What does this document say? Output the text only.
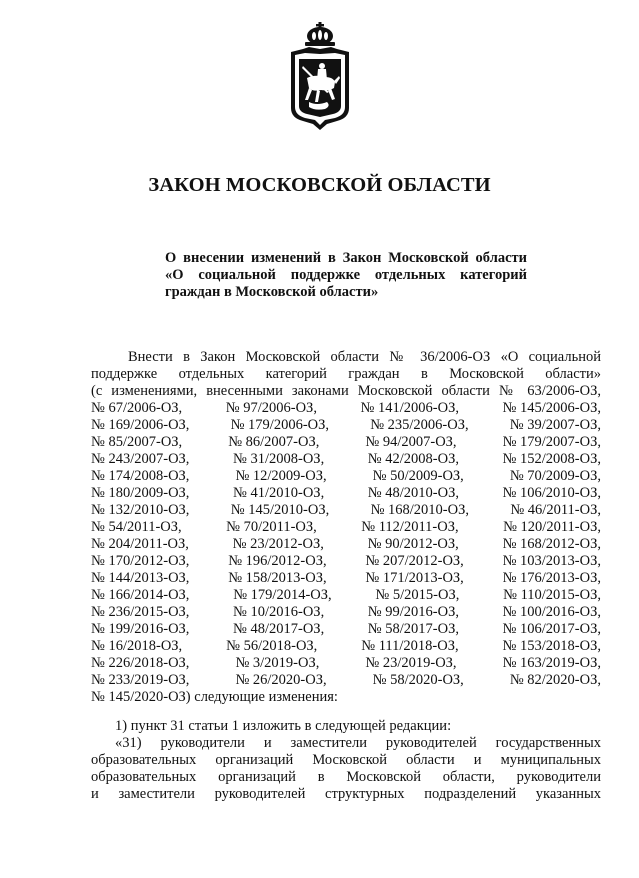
ЗАКОН МОСКОВСКОЙ ОБЛАСТИ
О внесении изменений в Закон Московской области
«О социальной поддержке отдельных категорий
граждан в Московской области»
Внести в Закон Московской области № 36/2006-ОЗ «О социальной
поддержке отдельных категорий граждан в Московской области»
(с изменениями, внесенными законами Московской области № 63/2006-ОЗ,
№ 67/2006-ОЗ,	№ 97/2006-ОЗ,	№ 141/2006-ОЗ,	№ 145/2006-ОЗ,
№ 169/2006-ОЗ,	№ 179/2006-ОЗ,	№ 235/2006-ОЗ,	№ 39/2007-ОЗ,
№ 85/2007-ОЗ,	№ 86/2007-ОЗ,	№ 94/2007-ОЗ,	№ 179/2007-ОЗ,
№ 243/2007-ОЗ,	№ 31/2008-ОЗ,	№ 42/2008-ОЗ,	№ 152/2008-ОЗ,
№ 174/2008-ОЗ,	№ 12/2009-ОЗ,	№ 50/2009-ОЗ,	№ 70/2009-ОЗ,
№ 180/2009-ОЗ,	№ 41/2010-ОЗ,	№ 48/2010-ОЗ,	№ 106/2010-ОЗ,
№ 132/2010-ОЗ,	№ 145/2010-ОЗ,	№ 168/2010-ОЗ,	№ 46/2011-ОЗ,
№ 54/2011-ОЗ,	№ 70/2011-ОЗ,	№ 112/2011-ОЗ,	№ 120/2011-ОЗ,
№ 204/2011-ОЗ,	№ 23/2012-ОЗ,	№ 90/2012-ОЗ,	№ 168/2012-ОЗ,
№ 170/2012-ОЗ,	№ 196/2012-ОЗ,	№ 207/2012-ОЗ,	№ 103/2013-ОЗ,
№ 144/2013-ОЗ,	№ 158/2013-ОЗ,	№ 171/2013-ОЗ,	№ 176/2013-ОЗ,
№ 166/2014-ОЗ,	№ 179/2014-ОЗ,	№ 5/2015-ОЗ,	№ 110/2015-ОЗ,
№ 236/2015-ОЗ,	№ 10/2016-ОЗ,	№ 99/2016-ОЗ,	№ 100/2016-ОЗ,
№ 199/2016-ОЗ,	№ 48/2017-ОЗ,	№ 58/2017-ОЗ,	№ 106/2017-ОЗ,
№ 16/2018-ОЗ,	№ 56/2018-ОЗ,	№ 111/2018-ОЗ,	№ 153/2018-ОЗ,
№ 226/2018-ОЗ,	№ 3/2019-ОЗ,	№ 23/2019-ОЗ,	№ 163/2019-ОЗ,
№ 233/2019-ОЗ,	№ 26/2020-ОЗ,	№ 58/2020-ОЗ,	№ 82/2020-ОЗ,
№ 145/2020-ОЗ) следующие изменения:
1) пункт 31 статьи 1 изложить в следующей редакции:
«31) руководители и заместители руководителей государственных
образовательных организаций Московской области и муниципальных
образовательных организаций в Московской области, руководители
и заместители руководителей структурных подразделений указанных
